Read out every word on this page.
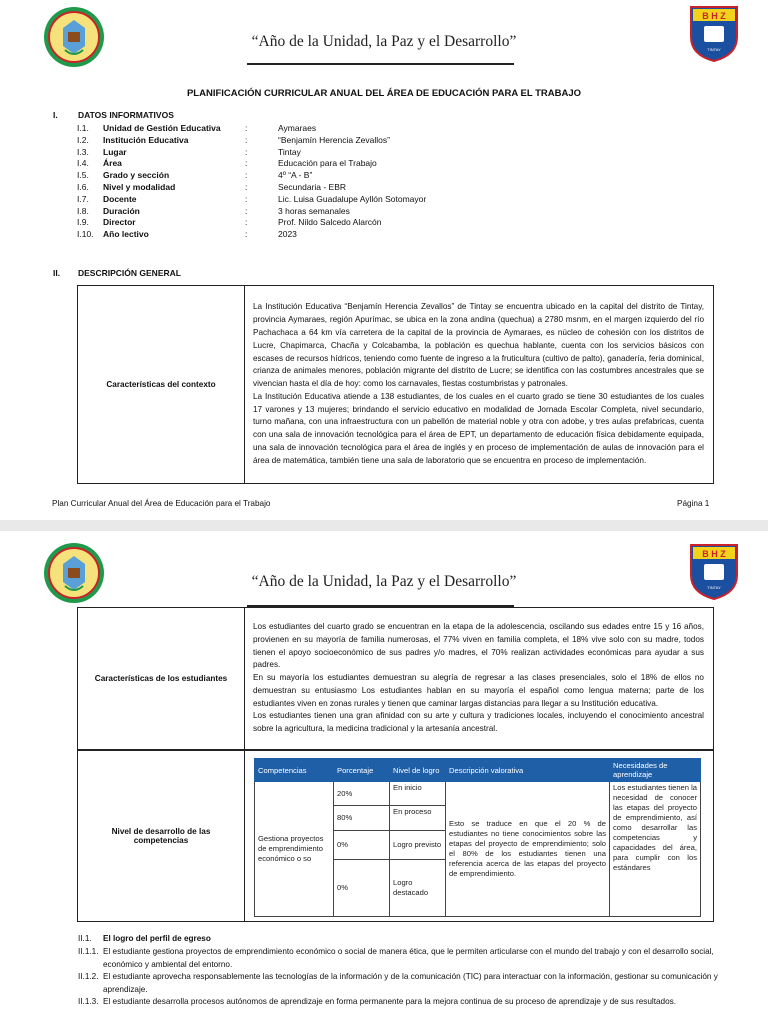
B H Z
TINTAY
“Año de la Unidad, la Paz y el Desarrollo”
PLANIFICACIÓN CURRICULAR ANUAL DEL ÁREA DE EDUCACIÓN PARA EL TRABAJO
I. DATOS INFORMATIVOS
I.1. Unidad de Gestión Educativa	:	Aymaraes
I.2. Institución Educativa	:	“Benjamín Herencia Zevallos”
I.3. Lugar	:	Tintay
I.4. Área	:	Educación para el Trabajo
I.5. Grado y sección	:	4º “A - B”
I.6. Nivel y modalidad	:	Secundaria - EBR
I.7. Docente	:	Lic. Luisa Guadalupe Ayllón Sotomayor
I.8. Duración	:	3 horas semanales
I.9. Director	:	Prof. Nildo Salcedo Alarcón
I.10. Año lectivo	:	2023
II. DESCRIPCIÓN GENERAL
Características del contexto	
La Institución Educativa “Benjamín Herencia Zevallos” de Tintay se encuentra ubicado en la capital del distrito de Tintay, provincia Aymaraes, región Apurímac, se ubica en la zona andina (quechua) a 2780 msnm, en el margen izquierdo del río Pachachaca a 64 km vía carretera de la capital de la provincia de Aymaraes, es núcleo de cohesión con los distritos de Lucre, Chapimarca, Chacña y Colcabamba, la población es quechua hablante, cuenta con los servicios básicos con escases de recursos hídricos, teniendo como fuente de ingreso a la fruticultura (cultivo de palto), ganadería, feria dominical, crianza de animales menores, población migrante del distrito de Lucre; se identifica con las costumbres ancestrales que se vivencian hasta el día de hoy: como los carnavales, fiestas costumbristas y patronales.
La Institución Educativa atiende a 138 estudiantes, de los cuales en el cuarto grado se tiene 30 estudiantes de los cuales 17 varones y 13 mujeres; brindando el servicio educativo en modalidad de Jornada Escolar Completa, nivel secundario, turno mañana, con una infraestructura con un pabellón de material noble y otra con adobe, y tres aulas prefabricas, cuenta con una sala de innovación tecnológica para el área de EPT, un departamento de educación física debidamente equipada, una sala de innovación tecnológica para el área de inglés y en proceso de implementación de aulas de innovación para el área de matemática, también tiene una sala de laboratorio que se encuentra en proceso de implementación.
Plan Curricular Anual del Área de Educación para el Trabajo	Página 1
B H Z
TINTAY
“Año de la Unidad, la Paz y el Desarrollo”
Características de los estudiantes	
Los estudiantes del cuarto grado se encuentran en la etapa de la adolescencia, oscilando sus edades entre 15 y 16 años, provienen en su mayoría de familia numerosas, el 77% viven en familia completa, el 18% vive solo con su madre, todos tienen el apoyo socioeconómico de sus padres y/o madres, el 70% realizan actividades económicas para ayudar a sus padres.
En su mayoría los estudiantes demuestran su alegría de regresar a las clases presenciales, solo el 18% de ellos no demuestran su entusiasmo Los estudiantes hablan en su mayoría el español como lengua materna; parte de los estudiantes viven en zonas rurales y tienen que caminar largas distancias para llegar a su Institución educativa.
Los estudiantes tienen una gran afinidad con su arte y cultura y tradiciones locales, incluyendo el conocimiento ancestral sobre la agricultura, la medicina tradicional y la artesanía ancestral.
Nivel de desarrollo de las competencias	
Competencias	Porcentaje	Nivel de logro	Descripción valorativa	Necesidades de aprendizaje
Gestiona proyectos de emprendimiento económico o so	20%	En inicio	Esto se traduce en que el 20 % de estudiantes no tiene conocimientos sobre las etapas del proyecto de emprendimiento; solo el 80% de los estudiantes tienen una referencia acerca de las etapas del proyecto de emprendimiento.	Los estudiantes tienen la necesidad de conocer las etapas del proyecto de emprendimiento, así como desarrollar las competencias y capacidades del área, para cumplir con los estándares
80%	En proceso
0%	Logro previsto
0%	Logro destacado
II.1. El logro del perfil de egreso
II.1.1. El estudiante gestiona proyectos de emprendimiento económico o social de manera ética, que le permiten articularse con el mundo del trabajo y con el desarrollo social, económico y ambiental del entorno.
II.1.2. El estudiante aprovecha responsablemente las tecnologías de la información y de la comunicación (TIC) para interactuar con la información, gestionar su comunicación y aprendizaje.
II.1.3. El estudiante desarrolla procesos autónomos de aprendizaje en forma permanente para la mejora continua de su proceso de aprendizaje y de sus resultados.
